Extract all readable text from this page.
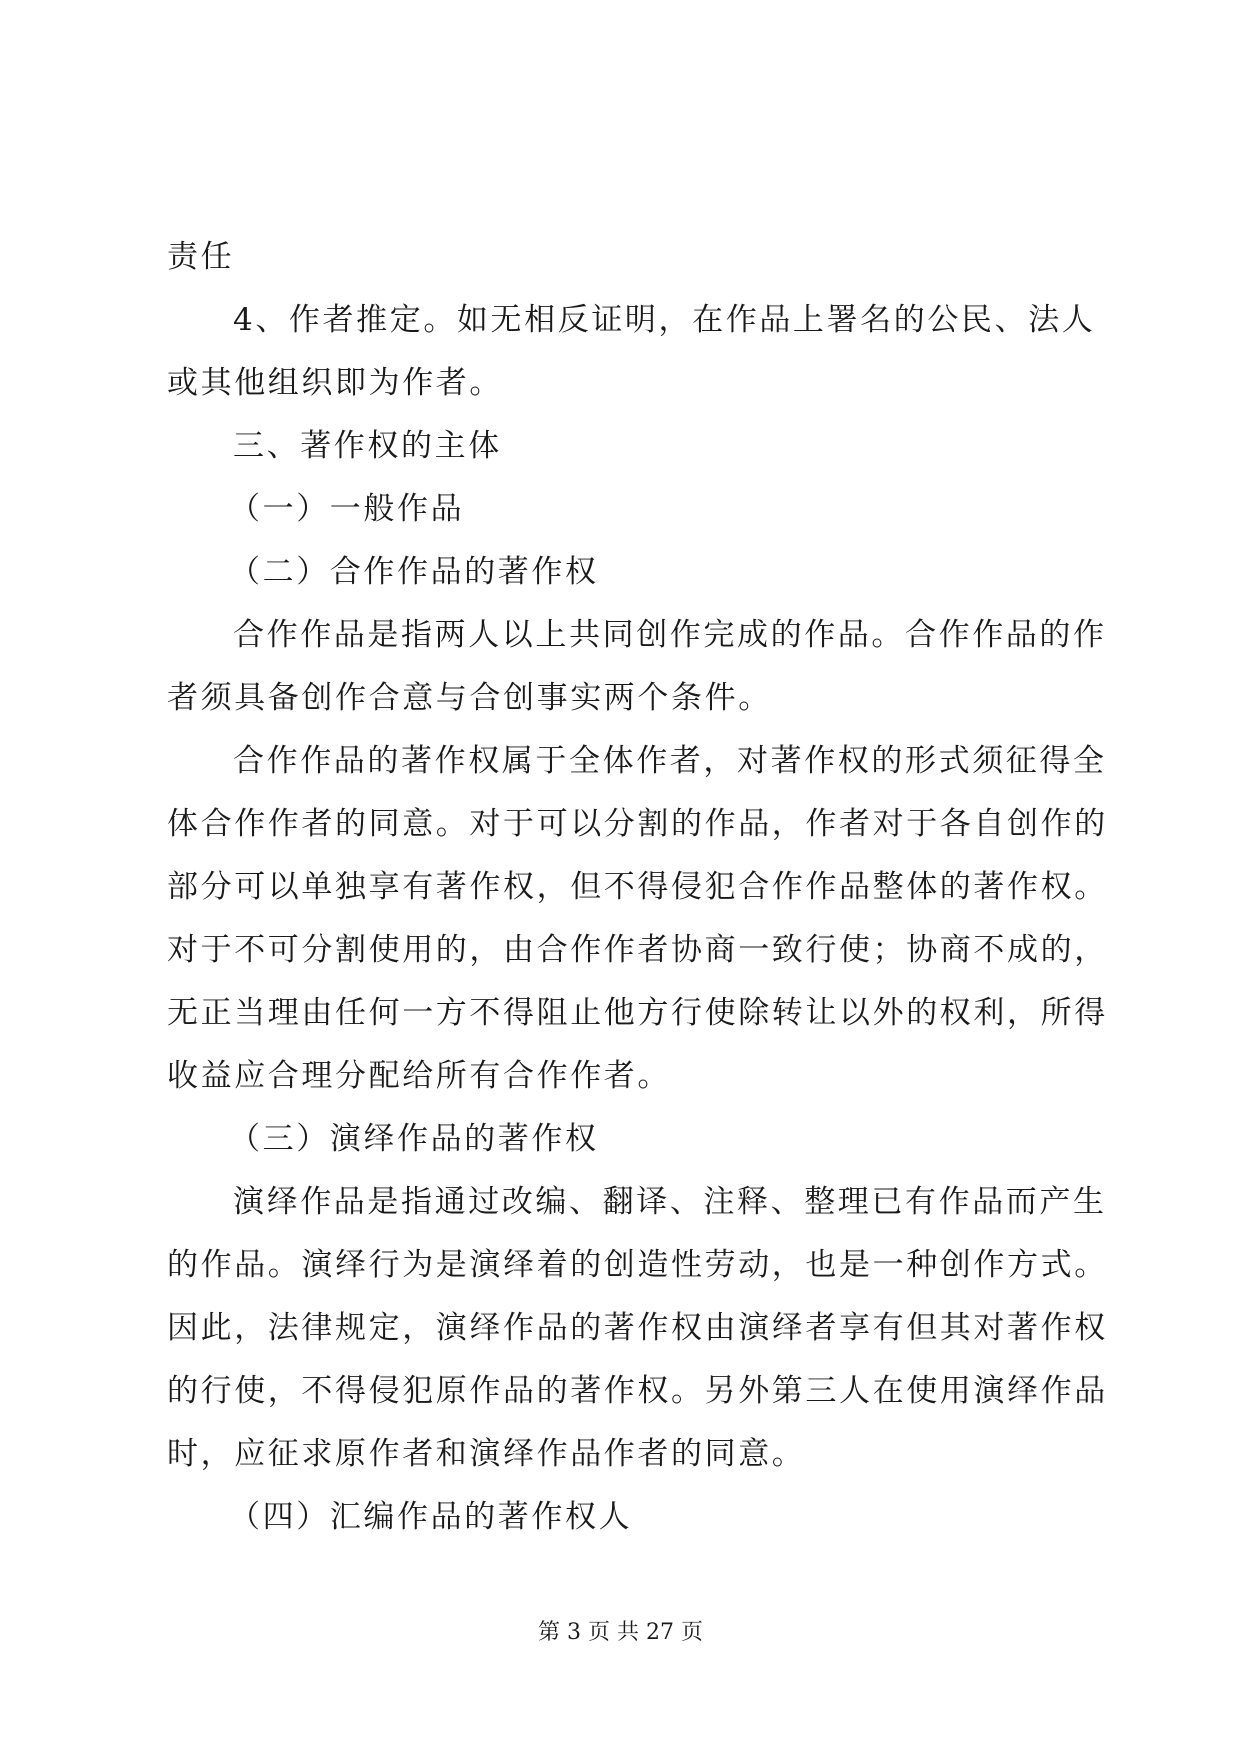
责任
4、作者推定。如无相反证明，在作品上署名的公民、法人
或其他组织即为作者。
三、著作权的主体
（一）一般作品
（二）合作作品的著作权
合作作品是指两人以上共同创作完成的作品。合作作品的作
者须具备创作合意与合创事实两个条件。
合作作品的著作权属于全体作者，对著作权的形式须征得全
体合作作者的同意。对于可以分割的作品，作者对于各自创作的
部分可以单独享有著作权，但不得侵犯合作作品整体的著作权。
对于不可分割使用的，由合作作者协商一致行使；协商不成的，
无正当理由任何一方不得阻止他方行使除转让以外的权利，所得
收益应合理分配给所有合作作者。
（三）演绎作品的著作权
演绎作品是指通过改编、翻译、注释、整理已有作品而产生
的作品。演绎行为是演绎着的创造性劳动，也是一种创作方式。
因此，法律规定，演绎作品的著作权由演绎者享有但其对著作权
的行使，不得侵犯原作品的著作权。另外第三人在使用演绎作品
时，应征求原作者和演绎作品作者的同意。
（四）汇编作品的著作权人
第 3 页 共 27 页
